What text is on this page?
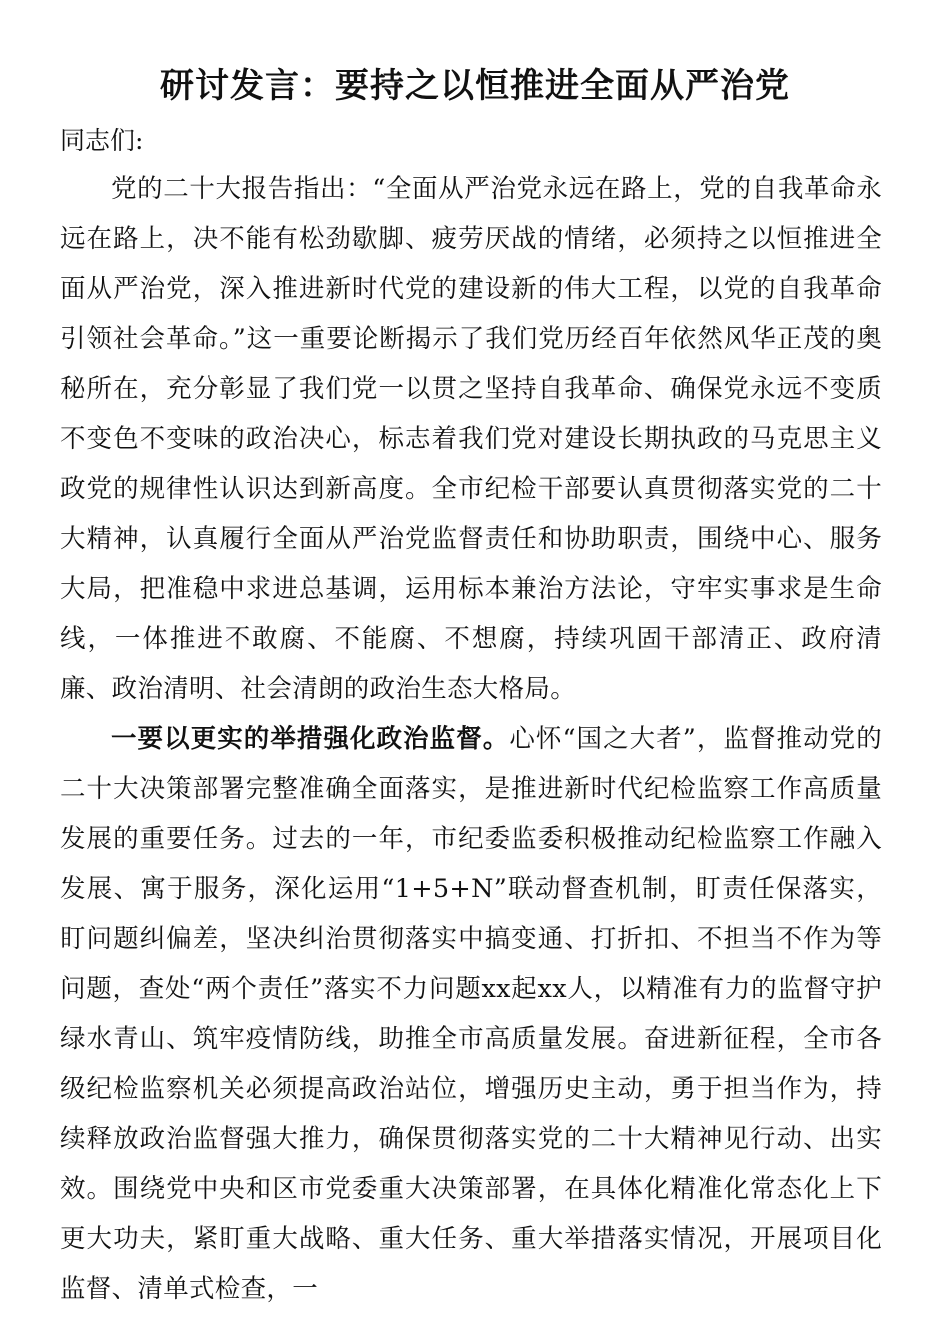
研讨发言：要持之以恒推进全面从严治党

同志们:

党的二十大报告指出：“全面从严治党永远在路上，党的自我革命永远在路上，决不能有松劲歇脚、疲劳厌战的情绪，必须持之以恒推进全面从严治党，深入推进新时代党的建设新的伟大工程，以党的自我革命引领社会革命。”这一重要论断揭示了我们党历经百年依然风华正茂的奥秘所在，充分彰显了我们党一以贯之坚持自我革命、确保党永远不变质不变色不变味的政治决心，标志着我们党对建设长期执政的马克思主义政党的规律性认识达到新高度。全市纪检干部要认真贯彻落实党的二十大精神，认真履行全面从严治党监督责任和协助职责，围绕中心、服务大局，把准稳中求进总基调，运用标本兼治方法论，守牢实事求是生命线，一体推进不敢腐、不能腐、不想腐，持续巩固干部清正、政府清廉、政治清明、社会清朗的政治生态大格局。

一要以更实的举措强化政治监督。心怀“国之大者”，监督推动党的二十大决策部署完整准确全面落实，是推进新时代纪检监察工作高质量发展的重要任务。过去的一年，市纪委监委积极推动纪检监察工作融入发展、寓于服务，深化运用“1+5+N”联动督查机制，盯责任保落实，盯问题纠偏差，坚决纠治贯彻落实中搞变通、打折扣、不担当不作为等问题，查处“两个责任”落实不力问题xx起xx人，以精准有力的监督守护绿水青山、筑牢疫情防线，助推全市高质量发展。奋进新征程，全市各级纪检监察机关必须提高政治站位，增强历史主动，勇于担当作为，持续释放政治监督强大推力，确保贯彻落实党的二十大精神见行动、出实效。围绕党中央和区市党委重大决策部署，在具体化精准化常态化上下更大功夫，紧盯重大战略、重大任务、重大举措落实情况，开展项目化监督、清单式检查，一
